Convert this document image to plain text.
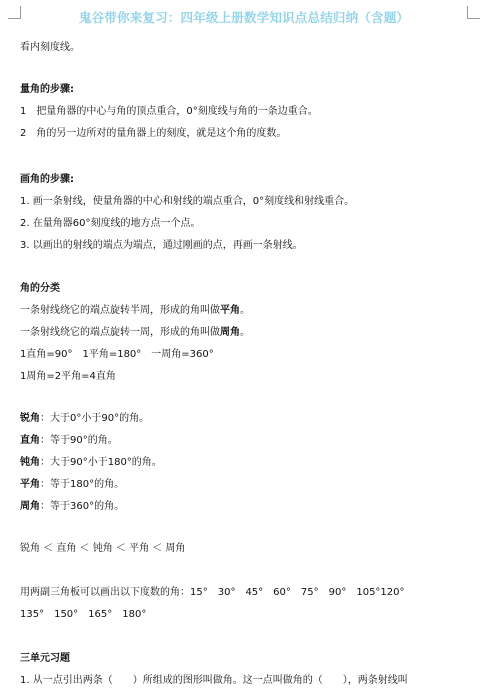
鬼谷带你来复习：四年级上册数学知识点总结归纳（含题）
看内刻度线。
量角的步骤:
1　把量角器的中心与角的顶点重合，0°刻度线与角的一条边重合。
2　角的另一边所对的量角器上的刻度，就是这个角的度数。
画角的步骤:
1. 画一条射线，使量角器的中心和射线的端点重合，0°刻度线和射线重合。
2. 在量角器60°刻度线的地方点一个点。
3. 以画出的射线的端点为端点，通过刚画的点，再画一条射线。
角的分类
一条射线绕它的端点旋转半周，形成的角叫做平角。
一条射线绕它的端点旋转一周，形成的角叫做周角。
1直角=90°　1平角=180°　一周角=360°
1周角=2平角=4直角
锐角：大于0°小于90°的角。
直角：等于90°的角。
钝角：大于90°小于180°的角。
平角：等于180°的角。
周角：等于360°的角。
锐角 ＜ 直角 ＜ 钝角 ＜ 平角 ＜ 周角
用两副三角板可以画出以下度数的角：15°　30°　45°　60°　75°　90°　105°120°
135°　150°　165°　180°
三单元习题
1. 从一点引出两条（　　）所组成的图形叫做角。这一点叫做角的（　　），两条射线叫
